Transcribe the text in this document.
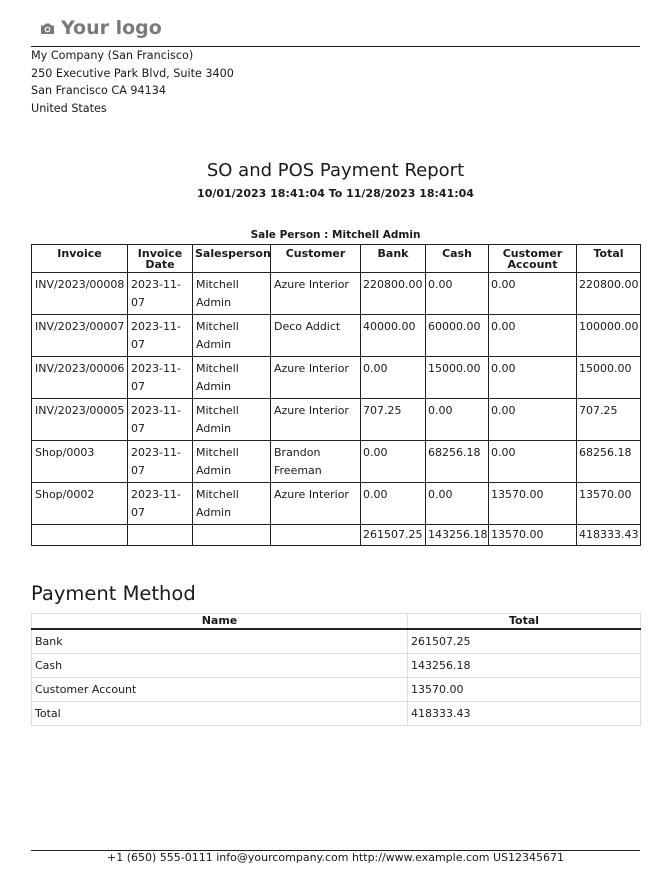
Your logo
My Company (San Francisco)
250 Executive Park Blvd, Suite 3400
San Francisco CA 94134
United States
SO and POS Payment Report
10/01/2023 18:41:04 To 11/28/2023 18:41:04
Sale Person : Mitchell Admin
Invoice	Invoice Date	Salesperson	Customer	Bank	Cash	Customer Account	Total
INV/2023/00008	2023-11-07	Mitchell Admin	Azure Interior	220800.00	0.00	0.00	220800.00
INV/2023/00007	2023-11-07	Mitchell Admin	Deco Addict	40000.00	60000.00	0.00	100000.00
INV/2023/00006	2023-11-07	Mitchell Admin	Azure Interior	0.00	15000.00	0.00	15000.00
INV/2023/00005	2023-11-07	Mitchell Admin	Azure Interior	707.25	0.00	0.00	707.25
Shop/0003	2023-11-07	Mitchell Admin	Brandon Freeman	0.00	68256.18	0.00	68256.18
Shop/0002	2023-11-07	Mitchell Admin	Azure Interior	0.00	0.00	13570.00	13570.00
				261507.25	143256.18	13570.00	418333.43
Payment Method
Name	Total
Bank	261507.25
Cash	143256.18
Customer Account	13570.00
Total	418333.43
+1 (650) 555-0111 info@yourcompany.com http://www.example.com US12345671
